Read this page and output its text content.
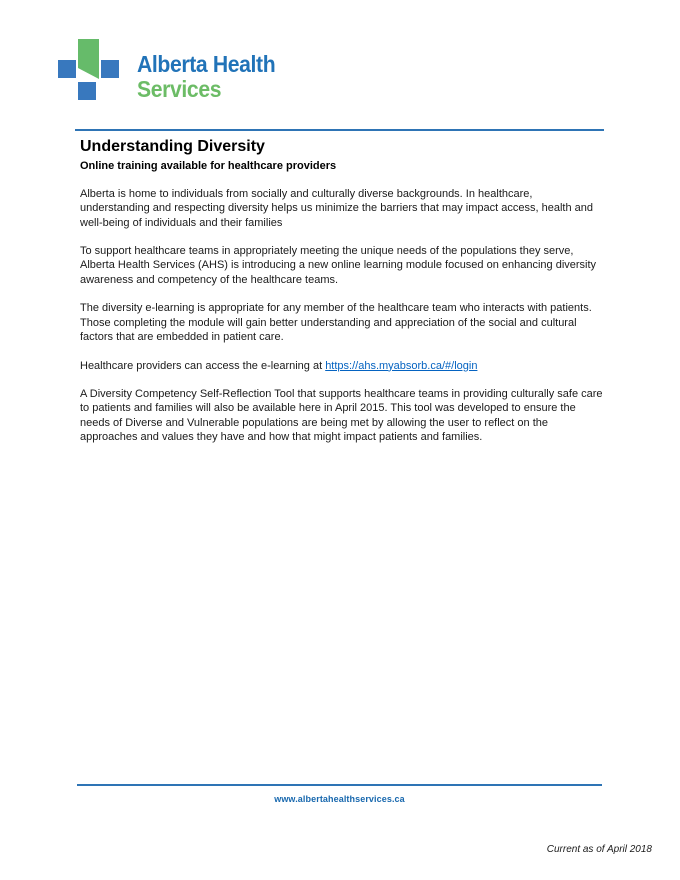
Alberta Health
Services
Understanding Diversity
Online training available for healthcare providers

Alberta is home to individuals from socially and culturally diverse backgrounds. In healthcare, understanding and respecting diversity helps us minimize the barriers that may impact access, health and well-being of individuals and their families

To support healthcare teams in appropriately meeting the unique needs of the populations they serve, Alberta Health Services (AHS) is introducing a new online learning module focused on enhancing diversity awareness and competency of the healthcare teams.

The diversity e-learning is appropriate for any member of the healthcare team who interacts with patients. Those completing the module will gain better understanding and appreciation of the social and cultural factors that are embedded in patient care.

Healthcare providers can access the e-learning at https://ahs.myabsorb.ca/#/login

A Diversity Competency Self-Reflection Tool that supports healthcare teams in providing culturally safe care to patients and families will also be available here in April 2015. This tool was developed to ensure the needs of Diverse and Vulnerable populations are being met by allowing the user to reflect on the approaches and values they have and how that might impact patients and families.

www.albertahealthservices.ca
Current as of April 2018
